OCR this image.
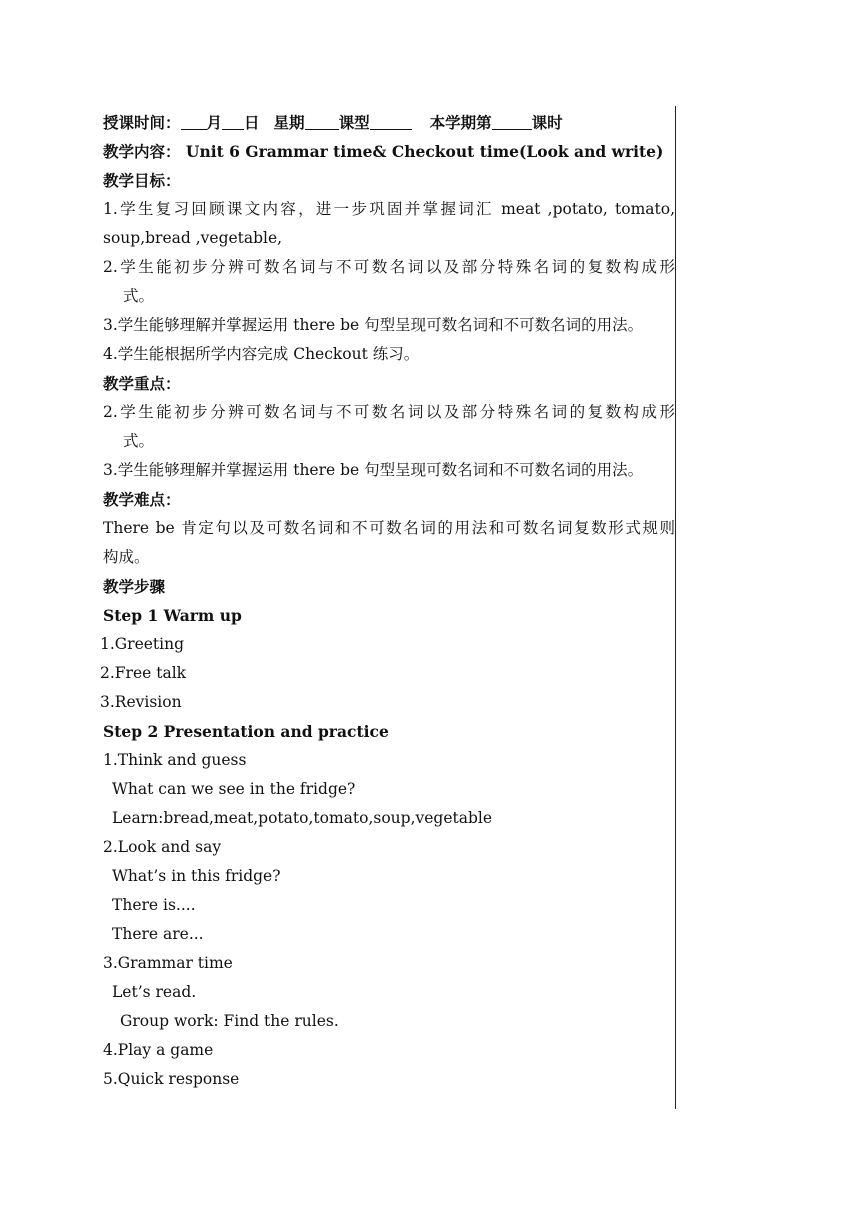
授课时间： 月 日 星期 课型	本学期第	课时
教学内容： Unit 6 Grammar time& Checkout time(Look and write)
教学目标：
1.学生复习回顾课文内容，进一步巩固并掌握词汇 meat ,potato, tomato,
soup,bread ,vegetable,
2.学生能初步分辨可数名词与不可数名词以及部分特殊名词的复数构成形
式。
3.学生能够理解并掌握运用 there be 句型呈现可数名词和不可数名词的用法。
4.学生能根据所学内容完成 Checkout 练习。
教学重点：
2.学生能初步分辨可数名词与不可数名词以及部分特殊名词的复数构成形
式。
3.学生能够理解并掌握运用 there be 句型呈现可数名词和不可数名词的用法。
教学难点：
There be 肯定句以及可数名词和不可数名词的用法和可数名词复数形式规则
构成。
教学步骤
Step 1 Warm up
1.Greeting
2.Free talk
3.Revision
Step 2 Presentation and practice
1.Think and guess
What can we see in the fridge?
Learn:bread,meat,potato,tomato,soup,vegetable
2.Look and say
What’s in this fridge?
There is....
There are...
3.Grammar time
Let’s read.
Group work: Find the rules.
4.Play a game
5.Quick response
